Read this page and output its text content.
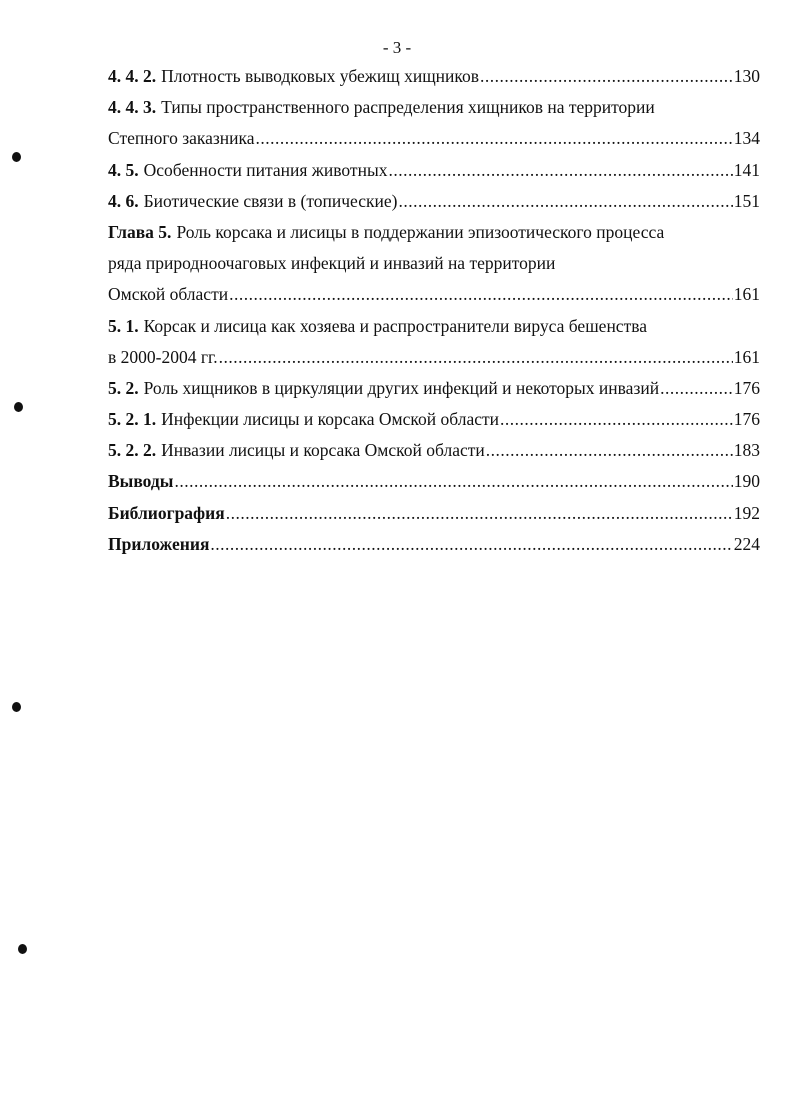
- 3 -
4. 4. 2. Плотность выводковых убежищ хищников .....	130
4. 4. 3. Типы пространственного распределения хищников на территории
Степного заказника .....	134
4. 5. Особенности питания животных .....	141
4. 6. Биотические связи в (топические) .....	151
Глава 5. Роль корсака и лисицы в поддержании эпизоотического процесса
ряда природноочаговых инфекций и инвазий на территории
Омской области .....	161
5. 1. Корсак и лисица как хозяева и распространители вируса бешенства
в 2000-2004 гг. .....	161
5. 2. Роль хищников в циркуляции других инфекций и некоторых инвазий .....	176
5. 2. 1. Инфекции лисицы и корсака Омской области .....	176
5. 2. 2. Инвазии лисицы и корсака Омской области .....	183
Выводы .....	190
Библиография .....	192
Приложения .....	224
